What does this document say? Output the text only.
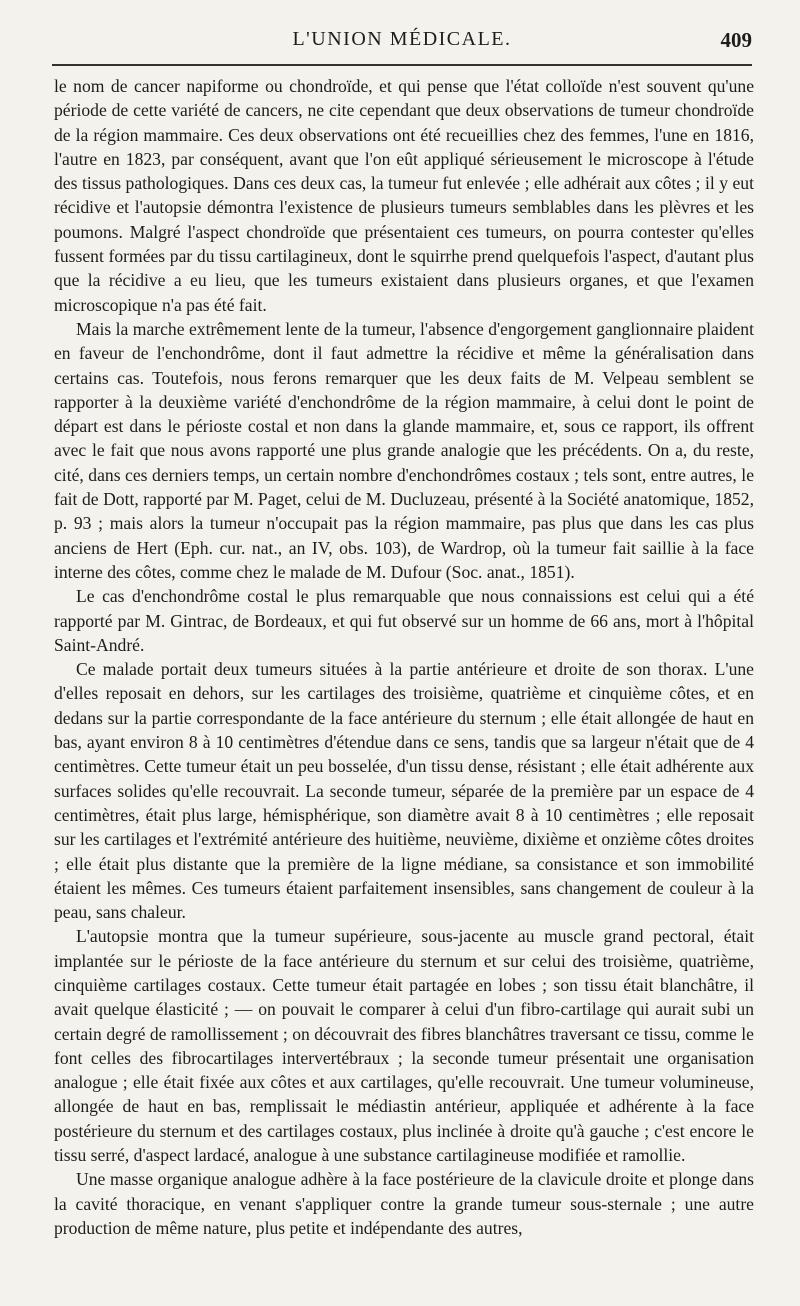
L'UNION MÉDICALE.	409

le nom de cancer napiforme ou chondroïde, et qui pense que l'état colloïde n'est souvent qu'une période de cette variété de cancers, ne cite cependant que deux observations de tumeur chondroïde de la région mammaire. Ces deux observations ont été recueillies chez des femmes, l'une en 1816, l'autre en 1823, par conséquent, avant que l'on eût appliqué sérieusement le microscope à l'étude des tissus pathologiques. Dans ces deux cas, la tumeur fut enlevée ; elle adhérait aux côtes ; il y eut récidive et l'autopsie démontra l'existence de plusieurs tumeurs semblables dans les plèvres et les poumons. Malgré l'aspect chondroïde que présentaient ces tumeurs, on pourra contester qu'elles fussent formées par du tissu cartilagineux, dont le squirrhe prend quelquefois l'aspect, d'autant plus que la récidive a eu lieu, que les tumeurs existaient dans plusieurs organes, et que l'examen microscopique n'a pas été fait.

Mais la marche extrêmement lente de la tumeur, l'absence d'engorgement ganglionnaire plaident en faveur de l'enchondrôme, dont il faut admettre la récidive et même la généralisation dans certains cas. Toutefois, nous ferons remarquer que les deux faits de M. Velpeau semblent se rapporter à la deuxième variété d'enchondrôme de la région mammaire, à celui dont le point de départ est dans le périoste costal et non dans la glande mammaire, et, sous ce rapport, ils offrent avec le fait que nous avons rapporté une plus grande analogie que les précédents. On a, du reste, cité, dans ces derniers temps, un certain nombre d'enchondrômes costaux ; tels sont, entre autres, le fait de Dott, rapporté par M. Paget, celui de M. Ducluzeau, présenté à la Société anatomique, 1852, p. 93 ; mais alors la tumeur n'occupait pas la région mammaire, pas plus que dans les cas plus anciens de Hert (Eph. cur. nat., an IV, obs. 103), de Wardrop, où la tumeur fait saillie à la face interne des côtes, comme chez le malade de M. Dufour (Soc. anat., 1851).

Le cas d'enchondrôme costal le plus remarquable que nous connaissions est celui qui a été rapporté par M. Gintrac, de Bordeaux, et qui fut observé sur un homme de 66 ans, mort à l'hôpital Saint-André.

Ce malade portait deux tumeurs situées à la partie antérieure et droite de son thorax. L'une d'elles reposait en dehors, sur les cartilages des troisième, quatrième et cinquième côtes, et en dedans sur la partie correspondante de la face antérieure du sternum ; elle était allongée de haut en bas, ayant environ 8 à 10 centimètres d'étendue dans ce sens, tandis que sa largeur n'était que de 4 centimètres. Cette tumeur était un peu bosselée, d'un tissu dense, résistant ; elle était adhérente aux surfaces solides qu'elle recouvrait. La seconde tumeur, séparée de la première par un espace de 4 centimètres, était plus large, hémisphérique, son diamètre avait 8 à 10 centimètres ; elle reposait sur les cartilages et l'extrémité antérieure des huitième, neuvième, dixième et onzième côtes droites ; elle était plus distante que la première de la ligne médiane, sa consistance et son immobilité étaient les mêmes. Ces tumeurs étaient parfaitement insensibles, sans changement de couleur à la peau, sans chaleur.

L'autopsie montra que la tumeur supérieure, sous-jacente au muscle grand pectoral, était implantée sur le périoste de la face antérieure du sternum et sur celui des troisième, quatrième, cinquième cartilages costaux. Cette tumeur était partagée en lobes ; son tissu était blanchâtre, il avait quelque élasticité ; — on pouvait le comparer à celui d'un fibro-cartilage qui aurait subi un certain degré de ramollissement ; on découvrait des fibres blanchâtres traversant ce tissu, comme le font celles des fibrocartilages intervertébraux ; la seconde tumeur présentait une organisation analogue ; elle était fixée aux côtes et aux cartilages, qu'elle recouvrait. Une tumeur volumineuse, allongée de haut en bas, remplissait le médiastin antérieur, appliquée et adhérente à la face postérieure du sternum et des cartilages costaux, plus inclinée à droite qu'à gauche ; c'est encore le tissu serré, d'aspect lardacé, analogue à une substance cartilagineuse modifiée et ramollie.

Une masse organique analogue adhère à la face postérieure de la clavicule droite et plonge dans la cavité thoracique, en venant s'appliquer contre la grande tumeur sous-sternale ; une autre production de même nature, plus petite et indépendante des autres,
